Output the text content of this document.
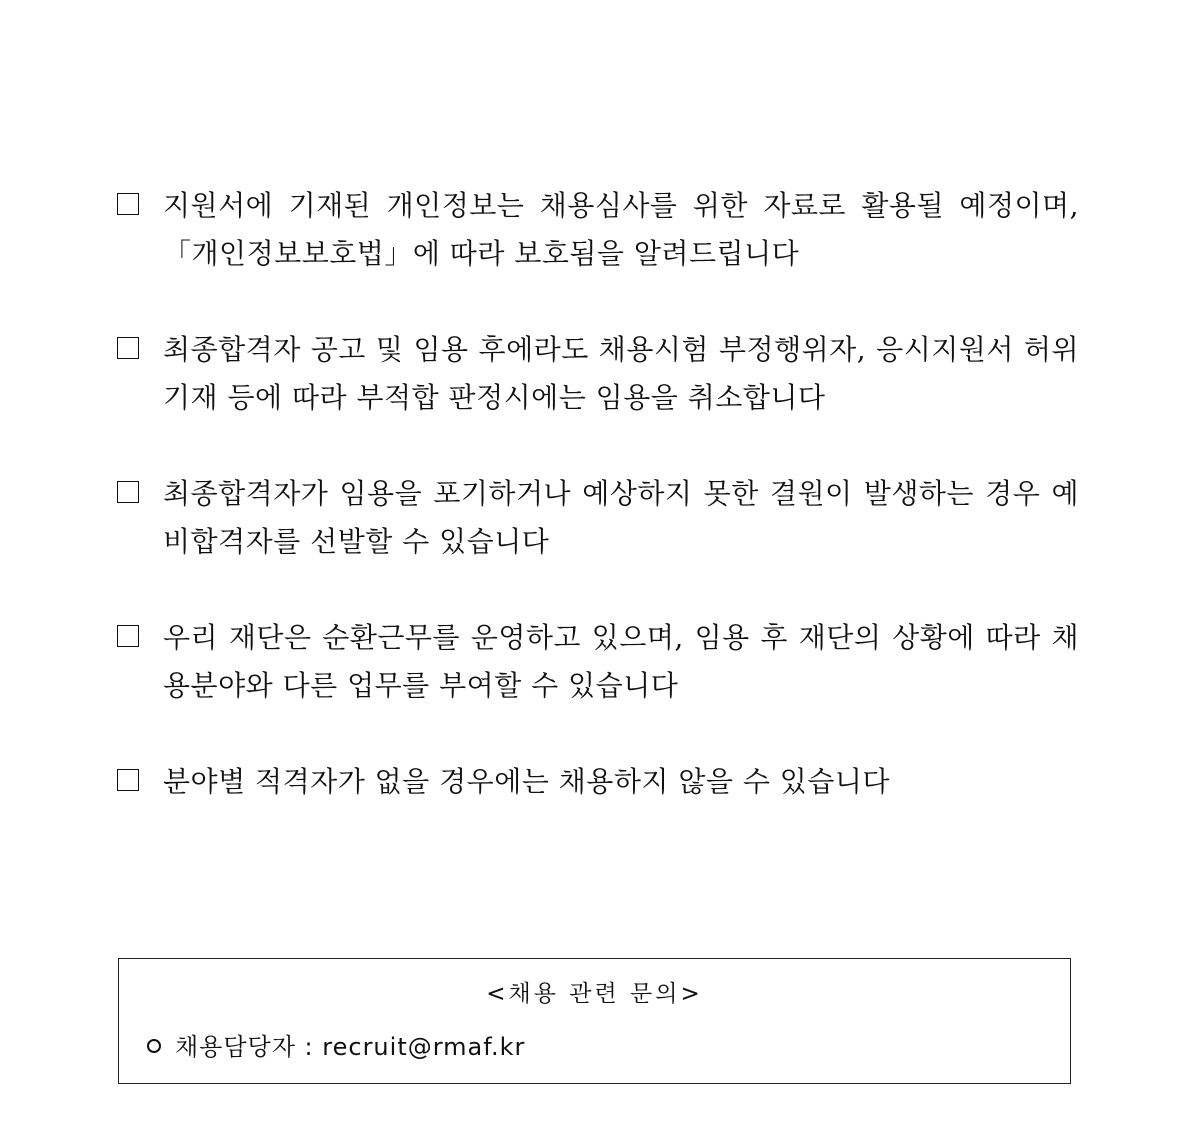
지원서에 기재된 개인정보는 채용심사를 위한 자료로 활용될 예정이며, 「개인정보보호법」에 따라 보호됨을 알려드립니다
최종합격자 공고 및 임용 후에라도 채용시험 부정행위자, 응시지원서 허위기재 등에 따라 부적합 판정시에는 임용을 취소합니다
최종합격자가 임용을 포기하거나 예상하지 못한 결원이 발생하는 경우 예비합격자를 선발할 수 있습니다
우리 재단은 순환근무를 운영하고 있으며, 임용 후 재단의 상황에 따라 채용분야와 다른 업무를 부여할 수 있습니다
분야별 적격자가 없을 경우에는 채용하지 않을 수 있습니다
<채용 관련 문의>
채용담당자 : recruit@rmaf.kr
